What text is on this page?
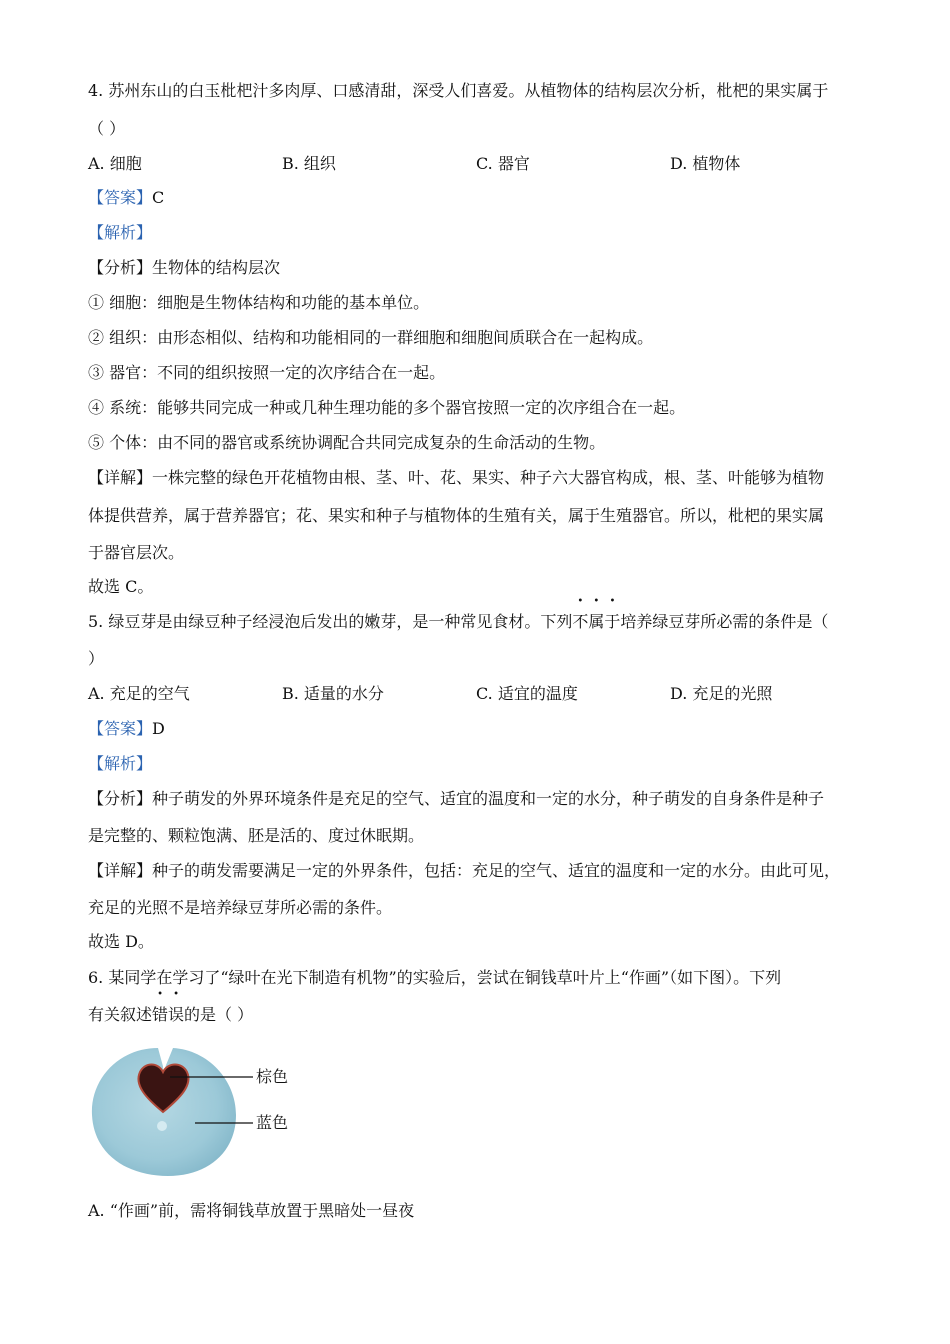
4. 苏州东山的白玉枇杷汁多肉厚、口感清甜，深受人们喜爱。从植物体的结构层次分析，枇杷的果实属于
（ ）
A. 细胞	B. 组织	C. 器官	D. 植物体
【答案】C
【解析】
【分析】生物体的结构层次
① 细胞：细胞是生物体结构和功能的基本单位。
② 组织：由形态相似、结构和功能相同的一群细胞和细胞间质联合在一起构成。
③ 器官：不同的组织按照一定的次序结合在一起。
④ 系统：能够共同完成一种或几种生理功能的多个器官按照一定的次序组合在一起。
⑤ 个体：由不同的器官或系统协调配合共同完成复杂的生命活动的生物。
【详解】一株完整的绿色开花植物由根、茎、叶、花、果实、种子六大器官构成，根、茎、叶能够为植物
体提供营养，属于营养器官；花、果实和种子与植物体的生殖有关，属于生殖器官。所以，枇杷的果实属
于器官层次。
故选 C。
5. 绿豆芽是由绿豆种子经浸泡后发出的嫩芽，是一种常见食材。下列不属于培养绿豆芽所必需的条件是（
）
A. 充足的空气	B. 适量的水分	C. 适宜的温度	D. 充足的光照
【答案】D
【解析】
【分析】种子萌发的外界环境条件是充足的空气、适宜的温度和一定的水分，种子萌发的自身条件是种子
是完整的、颗粒饱满、胚是活的、度过休眠期。
【详解】种子的萌发需要满足一定的外界条件，包括：充足的空气、适宜的温度和一定的水分。由此可见，
充足的光照不是培养绿豆芽所必需的条件。
故选 D。
6. 某同学在学习了“绿叶在光下制造有机物”的实验后，尝试在铜钱草叶片上“作画”（如下图）。下列
有关叙述错误的是（ ）
棕色
蓝色
A. “作画”前，需将铜钱草放置于黑暗处一昼夜
